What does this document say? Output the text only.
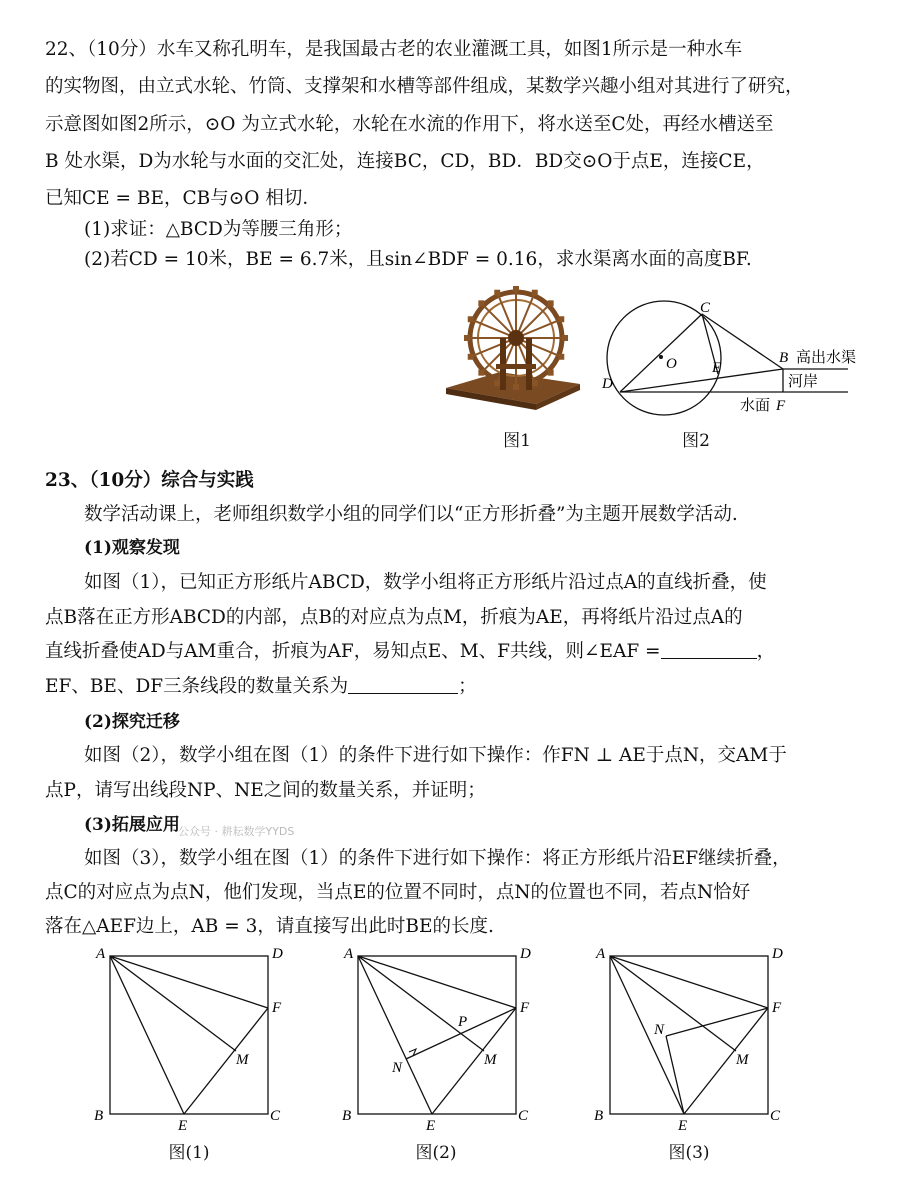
22、（10分）水车又称孔明车，是我国最古老的农业灌溉工具，如图1所示是一种水车
的实物图，由立式水轮、竹筒、支撑架和水槽等部件组成，某数学兴趣小组对其进行了研究，
示意图如图2所示，⊙O 为立式水轮，水轮在水流的作用下，将水送至C处，再经水槽送至
B 处水渠，D为水轮与水面的交汇处，连接BC，CD，BD．BD交⊙O于点E，连接CE，
已知CE = BE，CB与⊙O 相切．
(1)求证：△BCD为等腰三角形；
(2)若CD = 10米，BE = 6.7米，且sin∠BDF = 0.16，求水渠离水面的高度BF.
图1
C
O
D
E
B 高出水渠
河岸
水面 F
图2
23、（10分）综合与实践
数学活动课上，老师组织数学小组的同学们以“正方形折叠”为主题开展数学活动.
(1)观察发现
如图（1），已知正方形纸片ABCD，数学小组将正方形纸片沿过点A的直线折叠，使
点B落在正方形ABCD的内部，点B的对应点为点M，折痕为AE，再将纸片沿过点A的
直线折叠使AD与AM重合，折痕为AF，易知点E、M、F共线，则∠EAF =	，
EF、BE、DF三条线段的数量关系为	；
(2)探究迁移
如图（2），数学小组在图（1）的条件下进行如下操作：作FN ⊥ AE于点N，交AM于
点P，请写出线段NP、NE之间的数量关系，并证明；
(3)拓展应用
公众号 · 耕耘数学YYDS
如图（3），数学小组在图（1）的条件下进行如下操作：将正方形纸片沿EF继续折叠，
点C的对应点为点N，他们发现，当点E的位置不同时，点N的位置也不同，若点N恰好
落在△AEF边上，AB = 3，请直接写出此时BE的长度.
A	D
F
M
B
E
C
图(1)
A	D
F
P
M
N
B
E
C
图(2)
A	D
F
N
M
B
E
C
图(3)
